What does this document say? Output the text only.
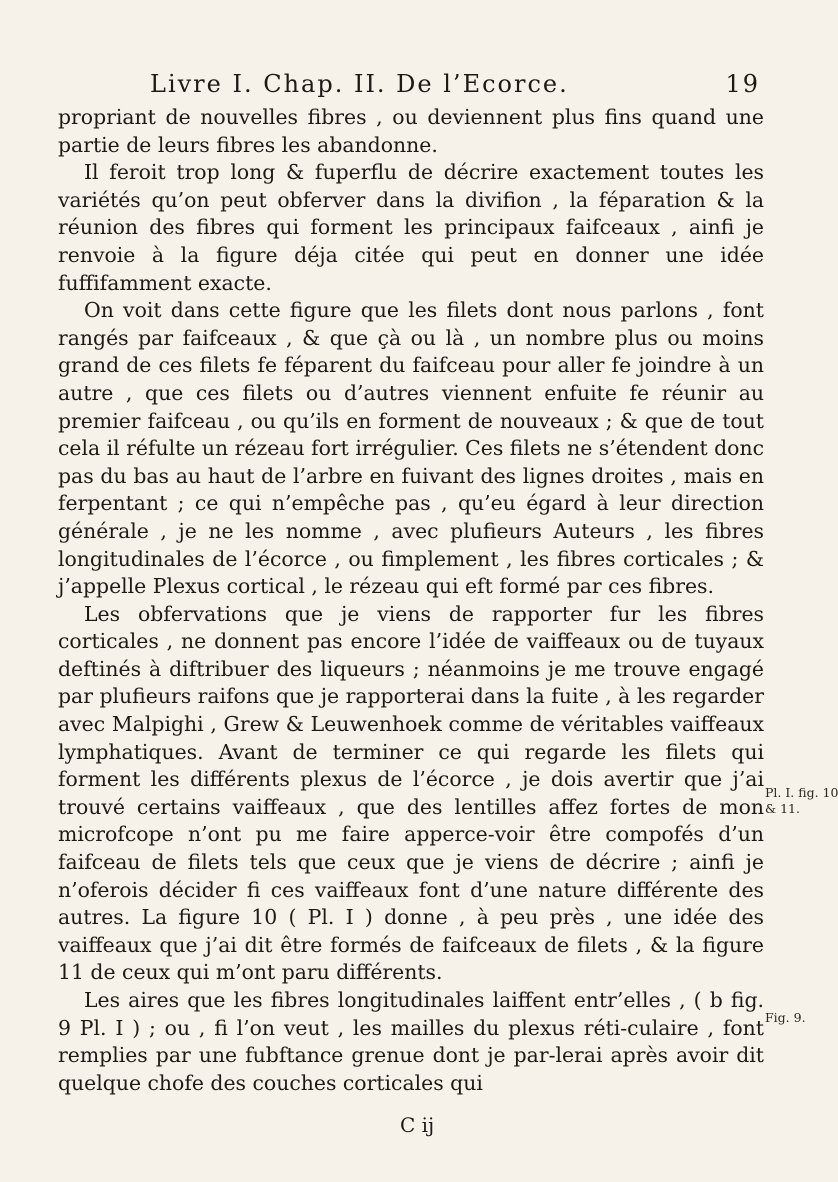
Livre I. Chap. II. De l’Ecorce.	19

propriant de nouvelles fibres , ou deviennent plus fins quand une partie de leurs fibres les abandonne.

Il feroit trop long & fuperflu de décrire exactement toutes les variétés qu’on peut obferver dans la divifion , la féparation & la réunion des fibres qui forment les principaux faifceaux , ainfi je renvoie à la figure déja citée qui peut en donner une idée fuffifamment exacte.

On voit dans cette figure que les filets dont nous parlons , font rangés par faifceaux , & que çà ou là , un nombre plus ou moins grand de ces filets fe féparent du faifceau pour aller fe joindre à un autre , que ces filets ou d’autres viennent enfuite fe réunir au premier faifceau , ou qu’ils en forment de nouveaux ; & que de tout cela il réfulte un rézeau fort irrégulier. Ces filets ne s’étendent donc pas du bas au haut de l’arbre en fuivant des lignes droites , mais en ferpentant ; ce qui n’empêche pas , qu’eu égard à leur direction générale , je ne les nomme , avec plufieurs Auteurs , les fibres longitudinales de l’écorce , ou fimplement , les fibres corticales ; & j’appelle Plexus cortical , le rézeau qui eft formé par ces fibres.

Les obfervations que je viens de rapporter fur les fibres corticales , ne donnent pas encore l’idée de vaiffeaux ou de tuyaux deftinés à diftribuer des liqueurs ; néanmoins je me trouve engagé par plufieurs raifons que je rapporterai dans la fuite , à les regarder avec Malpighi , Grew & Leuwenhoek comme de véritables vaiffeaux lymphatiques. Avant de terminer ce qui regarde les filets qui forment les différents plexus de l’écorce , je dois avertir que j’ai trouvé certains vaiffeaux , que des lentilles affez fortes de mon microfcope n’ont pu me faire apperce-voir être compofés d’un faifceau de filets tels que ceux que je viens de décrire ; ainfi je n’oferois décider fi ces vaiffeaux font d’une nature différente des autres. La figure 10 ( Pl. I ) donne , à peu près , une idée des vaiffeaux que j’ai dit être formés de faifceaux de filets , & la figure 11 de ceux qui m’ont paru différents.

Les aires que les fibres longitudinales laiffent entr’elles , ( b fig. 9 Pl. I ) ; ou , fi l’on veut , les mailles du plexus réti-culaire , font remplies par une fubftance grenue dont je par-lerai après avoir dit quelque chofe des couches corticales qui

Pl. I. fig. 10
& 11.
Fig. 9.
C ij
